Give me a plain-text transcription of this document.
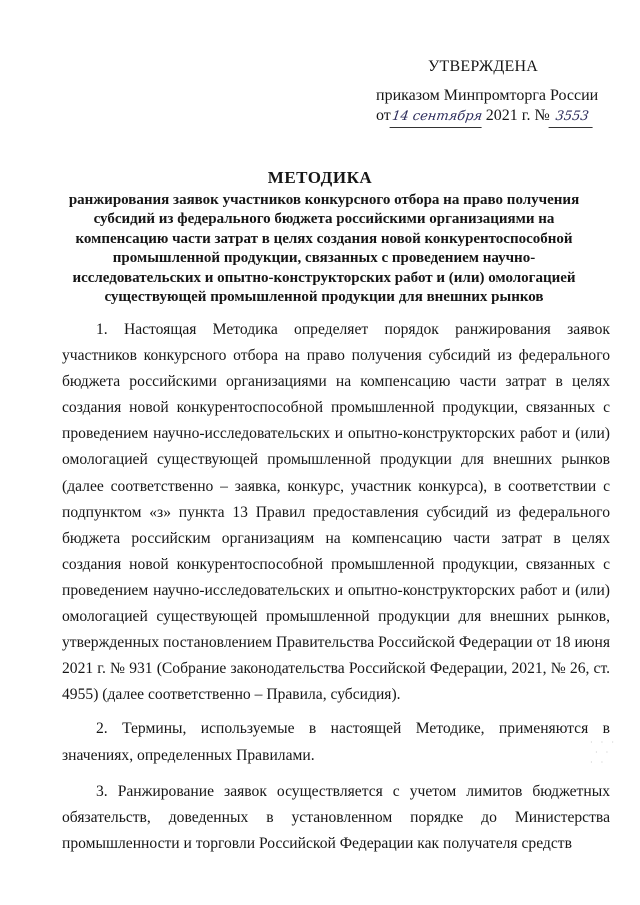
УТВЕРЖДЕНА
приказом Минпромторга России
от 14 сентября 2021 г. № 3553
МЕТОДИКА
ранжирования заявок участников конкурсного отбора на право получения субсидий из федерального бюджета российскими организациями на компенсацию части затрат в целях создания новой конкурентоспособной промышленной продукции, связанных с проведением научно-исследовательских и опытно-конструкторских работ и (или) омологацией существующей промышленной продукции для внешних рынков

1. Настоящая Методика определяет порядок ранжирования заявок участников конкурсного отбора на право получения субсидий из федерального бюджета российскими организациями на компенсацию части затрат в целях создания новой конкурентоспособной промышленной продукции, связанных с проведением научно-исследовательских и опытно-конструкторских работ и (или) омологацией существующей промышленной продукции для внешних рынков (далее соответственно – заявка, конкурс, участник конкурса), в соответствии с подпунктом «з» пункта 13 Правил предоставления субсидий из федерального бюджета российским организациям на компенсацию части затрат в целях создания новой конкурентоспособной промышленной продукции, связанных с проведением научно-исследовательских и опытно-конструкторских работ и (или) омологацией существующей промышленной продукции для внешних рынков, утвержденных постановлением Правительства Российской Федерации от 18 июня 2021 г. № 931 (Собрание законодательства Российской Федерации, 2021, № 26, ст. 4955) (далее соответственно – Правила, субсидия).

2. Термины, используемые в настоящей Методике, применяются в значениях, определенных Правилами.

3. Ранжирование заявок осуществляется с учетом лимитов бюджетных обязательств, доведенных в установленном порядке до Министерства промышленности и торговли Российской Федерации как получателя средств

· · ·
· ·
· ·
